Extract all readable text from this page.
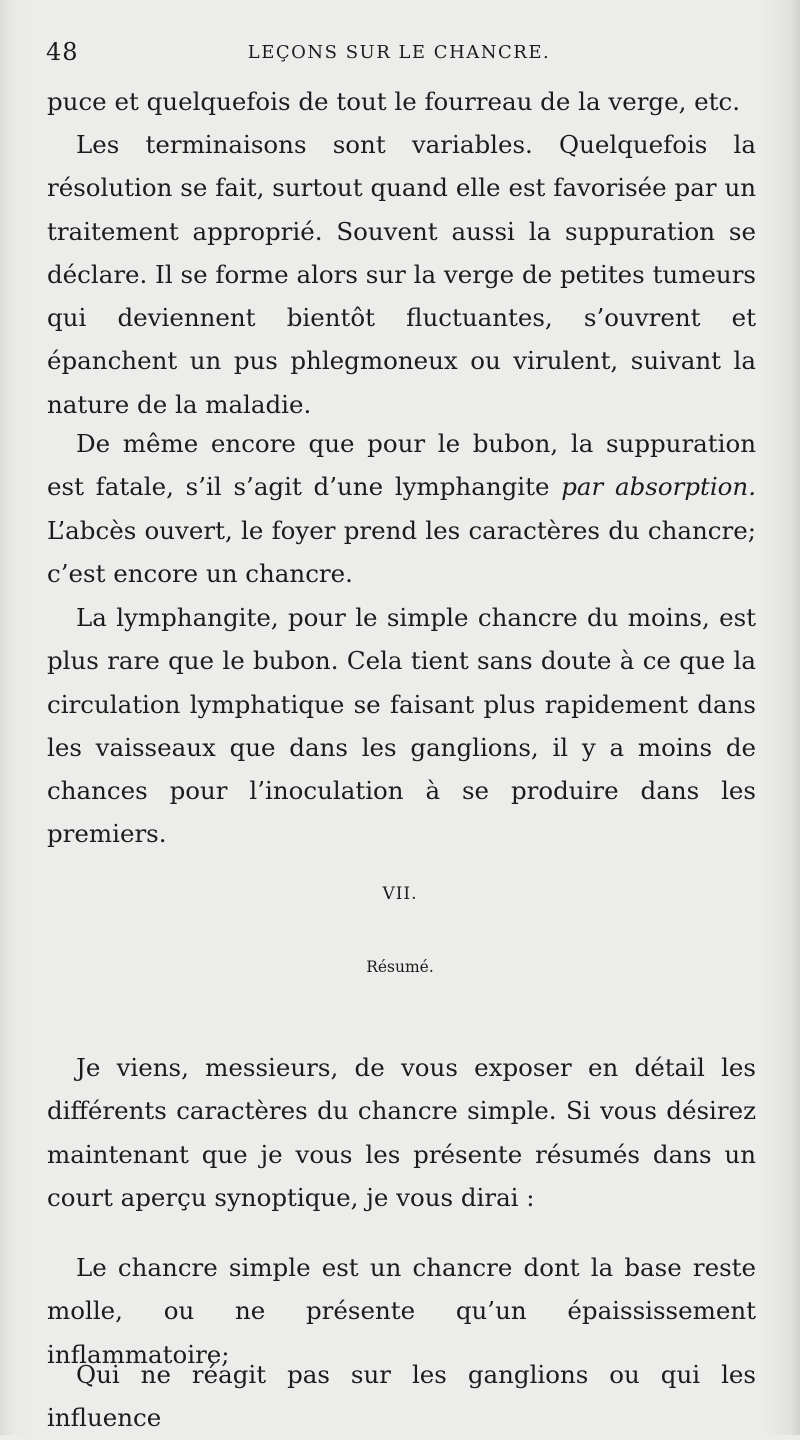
48	LEÇONS SUR LE CHANCRE.

puce et quelquefois de tout le fourreau de la verge, etc.

Les terminaisons sont variables. Quelquefois la résolution se fait, surtout quand elle est favorisée par un traitement approprié. Souvent aussi la suppuration se déclare. Il se forme alors sur la verge de petites tumeurs qui deviennent bientôt fluctuantes, s’ouvrent et épanchent un pus phlegmoneux ou virulent, suivant la nature de la maladie.

De même encore que pour le bubon, la suppuration est fatale, s’il s’agit d’une lymphangite par absorption. L’abcès ouvert, le foyer prend les caractères du chancre; c’est encore un chancre.

La lymphangite, pour le simple chancre du moins, est plus rare que le bubon. Cela tient sans doute à ce que la circulation lymphatique se faisant plus rapidement dans les vaisseaux que dans les ganglions, il y a moins de chances pour l’inoculation à se produire dans les premiers.

VII.
Résumé.

Je viens, messieurs, de vous exposer en détail les différents caractères du chancre simple. Si vous désirez maintenant que je vous les présente résumés dans un court aperçu synoptique, je vous dirai :

Le chancre simple est un chancre dont la base reste molle, ou ne présente qu’un épaississement inflammatoire;

Qui ne réagit pas sur les ganglions ou qui les influence
